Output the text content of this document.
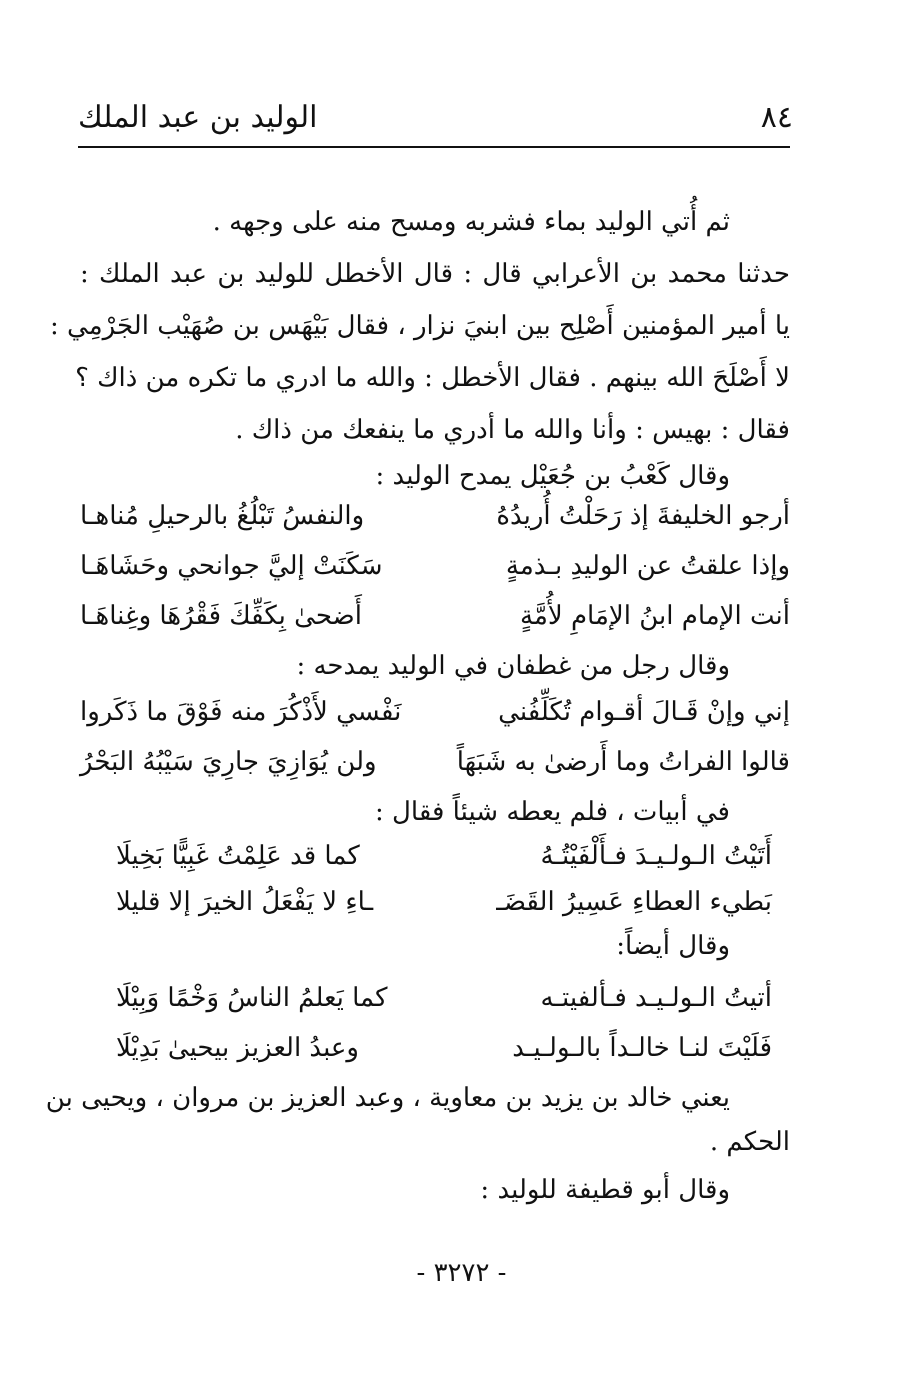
٨٤
الوليد بن عبد الملك
ثم أُتي الوليد بماء فشربه ومسح منه على وجهه .
حدثنا محمد بن الأعرابي قال : قال الأخطل للوليد بن عبد الملك :
يا أمير المؤمنين أَصْلِح بين ابنيَ نزار ، فقال بَيْهَس بن صُهَيْب الجَرْمِي :
لا أَصْلَحَ الله بينهم . فقال الأخطل : والله ما ادري ما تكره من ذاك ؟
فقال : بهيس : وأنا والله ما أدري ما ينفعك من ذاك .
وقال كَعْبُ بن جُعَيْل يمدح الوليد :
أرجو الخليفةَ إذ رَحَلْتُ أُريدُهُ
والنفسُ تَبْلُغُ بالرحيلِ مُناهـا
وإذا علقتُ عن الوليدِ بـذمةٍ
سَكَنَتْ إليَّ جوانحي وحَشَاهَـا
أنت الإمام ابنُ الإمَامِ لأُمَّةٍ
أَضحىٰ بِكَفِّكَ فَقْرُهَا وغِناهَـا
وقال رجل من غطفان في الوليد يمدحه :
إني وإنْ قَـالَ أقـوام تُكَلِّفُني
نَفْسي لأَذْكُرَ منه فَوْقَ ما ذَكَروا
قالوا الفراتُ وما أَرضىٰ به شَبَهَاً
ولن يُوَازِيَ جارِيَ سَيْبُهُ البَحْرُ
في أبيات ، فلم يعطه شيئاً فقال :
أَتَيْتُ الـولـيـدَ فـأَلْفَيْتُـهُ
كما قد عَلِمْتُ غَبِيًّا بَخِيلَا
بَطيء العطاءِ عَسِيرُ القَضَـ
ـاءِ لا يَفْعَلُ الخيرَ إلا قليلا
وقال أيضاً:
أتيتُ الـولـيـد فـألفيتـه
كما يَعلمُ الناسُ وَخْمًا وَبِيْلَا
فَلَيْتَ لنـا خالـداً بالـولـيـد
وعبدُ العزيز بيحيىٰ بَدِيْلَا
يعني خالد بن يزيد بن معاوية ، وعبد العزيز بن مروان ، ويحيى بن
الحكم .
وقال أبو قطيفة للوليد :
- ٣٢٧٢ -
